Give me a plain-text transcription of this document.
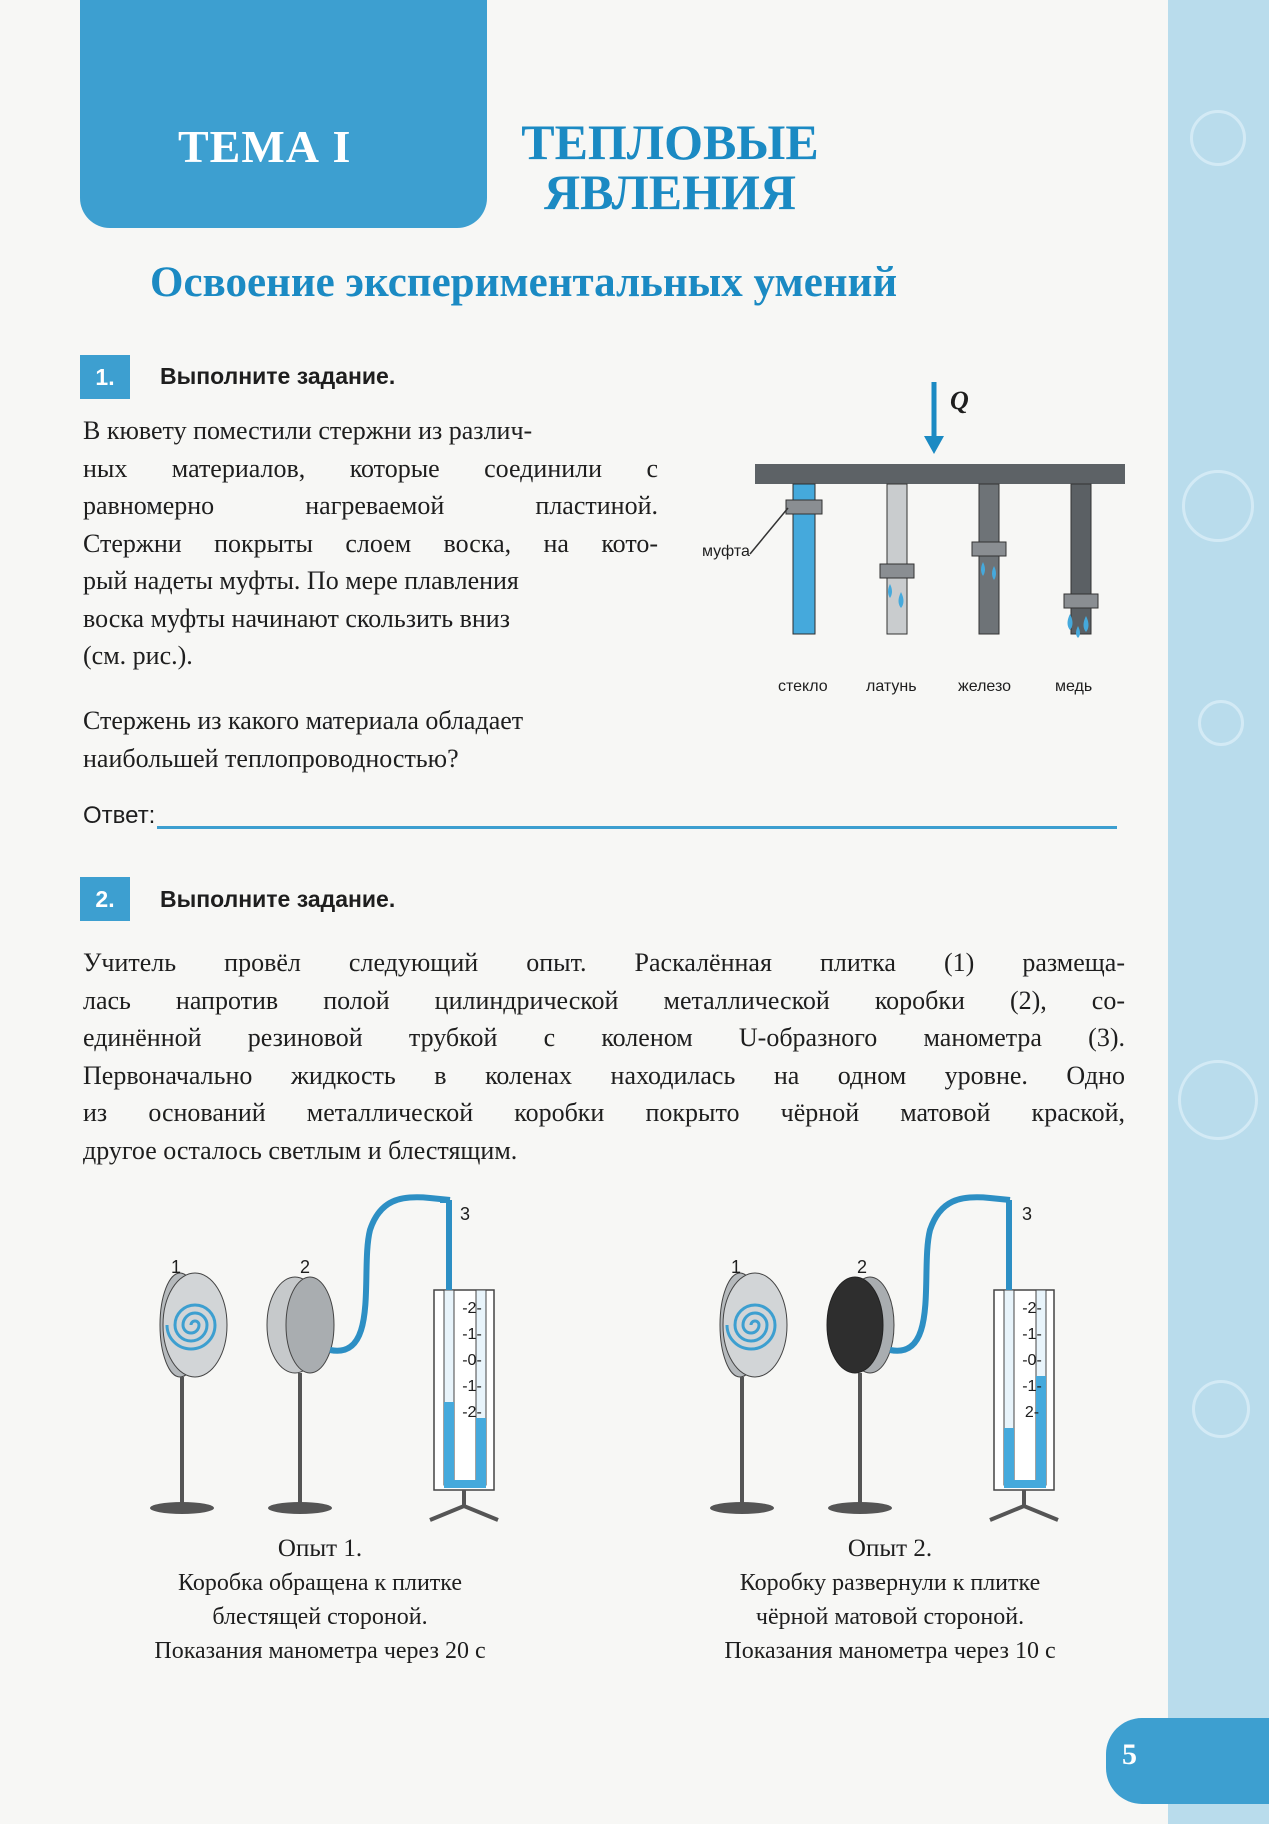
ТЕМА I	ТЕПЛОВЫЕ
ЯВЛЕНИЯ
Освоение экспериментальных умений
1.	Выполните задание.
В кювету поместили стержни из различ-
ных материалов, которые соединили с
равномерно нагреваемой пластиной.
Стержни покрыты слоем воска, на кото-
рый надеты муфты. По мере плавления
воска муфты начинают скользить вниз
(см. рис.).
Стержень из какого материала обладает
наибольшей теплопроводностью?
Ответ:
Q
муфта
стекло латунь	железо	медь
2.	Выполните задание.
Учитель провёл следующий опыт. Раскалённая плитка (1) размеща-
лась напротив полой цилиндрической металлической коробки (2), со-
единённой резиновой трубкой с коленом U-образного манометра (3).
Первоначально жидкость в коленах находилась на одном уровне. Одно
из оснований металлической коробки покрыто чёрной матовой краской,
другое осталось светлым и блестящим.
1	2
3
-2-
-1-
-0-
-1-
-2-
1	2
3
-2-
-1-
-0-
-1-
2-
Опыт 1.
Коробка обращена к плитке
блестящей стороной.
Показания манометра через 20 с
Опыт 2.
Коробку развернули к плитке
чёрной матовой стороной.
Показания манометра через 10 с
5
